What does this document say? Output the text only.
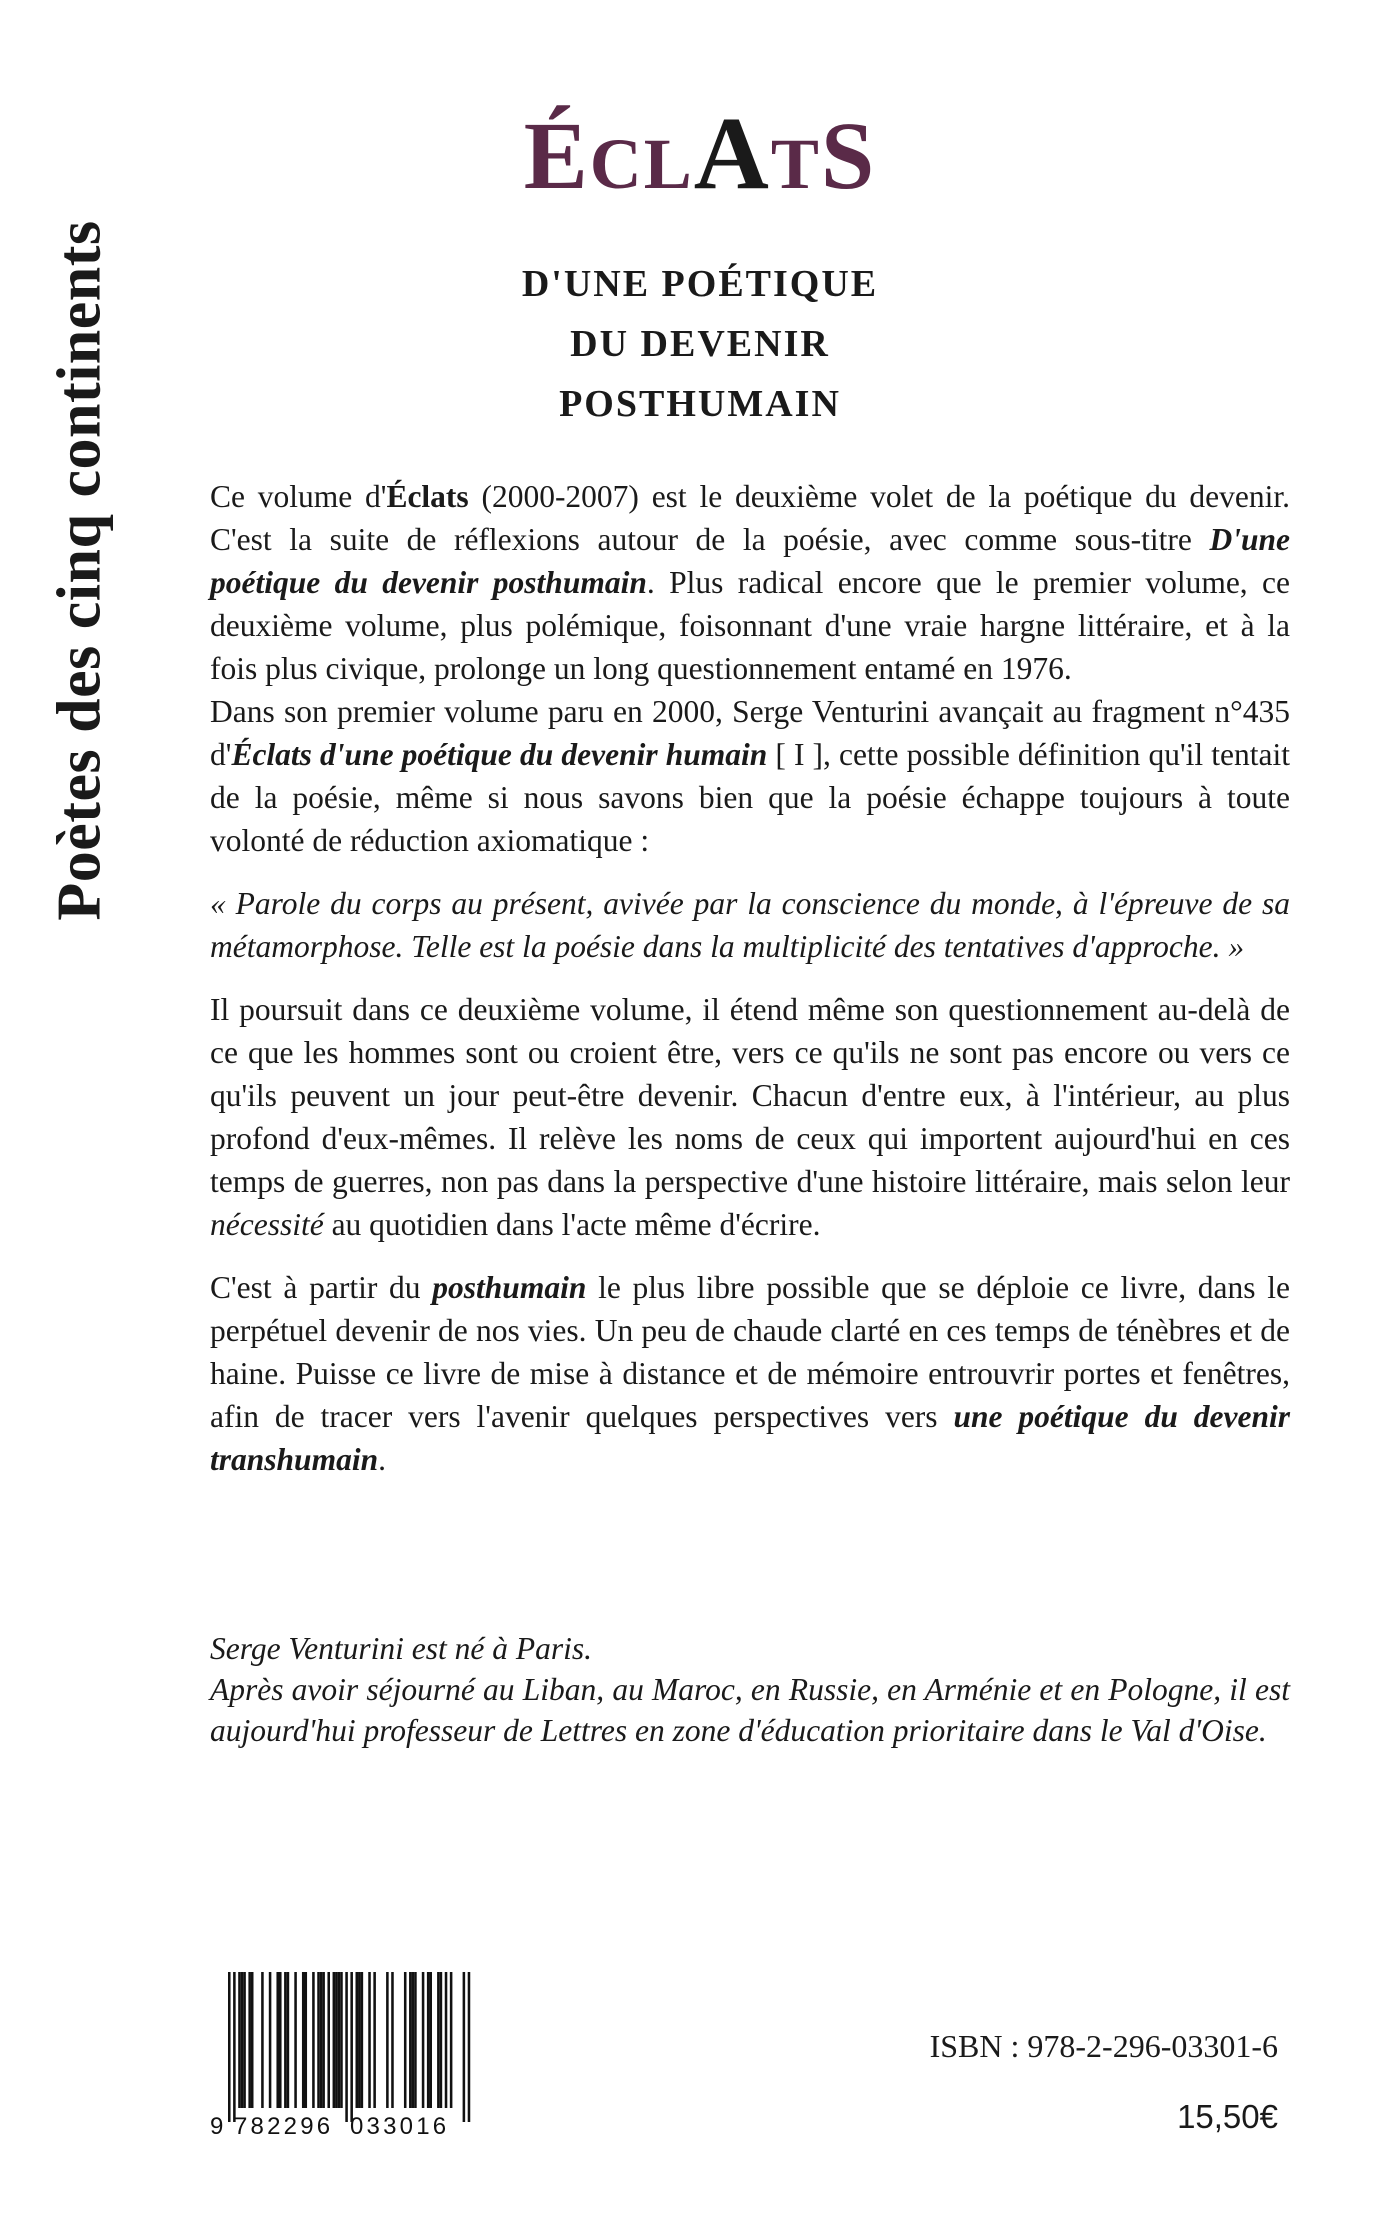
Poètes des cinq continents
ÉCLATS
D'UNE POÉTIQUE
DU DEVENIR
POSTHUMAIN

Ce volume d'Éclats (2000-2007) est le deuxième volet de la poétique du devenir. C'est la suite de réflexions autour de la poésie, avec comme sous-titre D'une poétique du devenir posthumain. Plus radical encore que le premier volume, ce deuxième volume, plus polémique, foisonnant d'une vraie hargne littéraire, et à la fois plus civique, prolonge un long questionnement entamé en 1976.

Dans son premier volume paru en 2000, Serge Venturini avançait au fragment n°435 d'Éclats d'une poétique du devenir humain [ I ], cette possible définition qu'il tentait de la poésie, même si nous savons bien que la poésie échappe toujours à toute volonté de réduction axiomatique :

« Parole du corps au présent, avivée par la conscience du monde, à l'épreuve de sa métamorphose. Telle est la poésie dans la multiplicité des tentatives d'approche. »

Il poursuit dans ce deuxième volume, il étend même son questionnement au-delà de ce que les hommes sont ou croient être, vers ce qu'ils ne sont pas encore ou vers ce qu'ils peuvent un jour peut-être devenir. Chacun d'entre eux, à l'intérieur, au plus profond d'eux-mêmes. Il relève les noms de ceux qui importent aujourd'hui en ces temps de guerres, non pas dans la perspective d'une histoire littéraire, mais selon leur nécessité au quotidien dans l'acte même d'écrire.

C'est à partir du posthumain le plus libre possible que se déploie ce livre, dans le perpétuel devenir de nos vies. Un peu de chaude clarté en ces temps de ténèbres et de haine. Puisse ce livre de mise à distance et de mémoire entrouvrir portes et fenêtres, afin de tracer vers l'avenir quelques perspectives vers une poétique du devenir transhumain.

Serge Venturini est né à Paris.

Après avoir séjourné au Liban, au Maroc, en Russie, en Arménie et en Pologne, il est aujourd'hui professeur de Lettres en zone d'éducation prioritaire dans le Val d'Oise.

9 782296 033016
ISBN : 978-2-296-03301-6
15,50€
